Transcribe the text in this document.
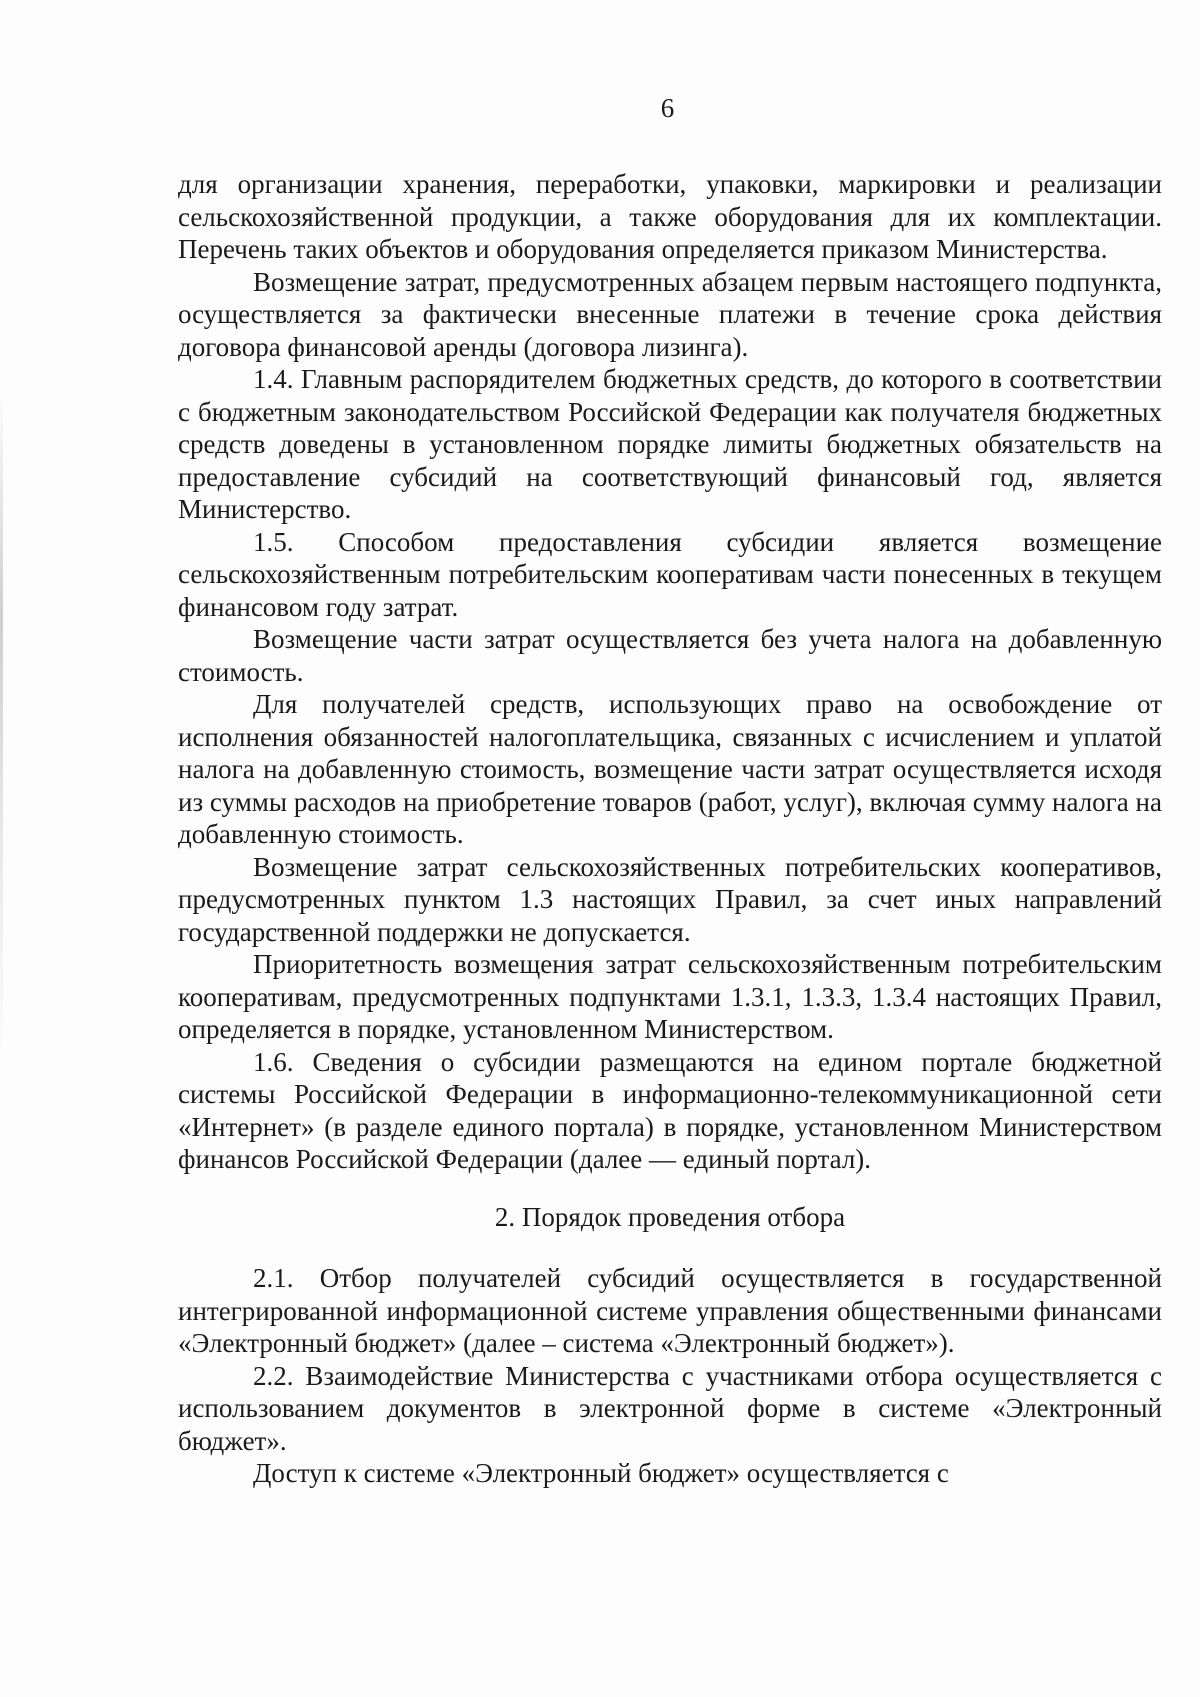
6

для организации хранения, переработки, упаковки, маркировки и реализации сельскохозяйственной продукции, а также оборудования для их комплектации. Перечень таких объектов и оборудования определяется приказом Министерства.

Возмещение затрат, предусмотренных абзацем первым настоящего подпункта, осуществляется за фактически внесенные платежи в течение срока действия договора финансовой аренды (договора лизинга).

1.4. Главным распорядителем бюджетных средств, до которого в соответствии с бюджетным законодательством Российской Федерации как получателя бюджетных средств доведены в установленном порядке лимиты бюджетных обязательств на предоставление субсидий на соответствующий финансовый год, является Министерство.

1.5. Способом предоставления субсидии является возмещение сельскохозяйственным потребительским кооперативам части понесенных в текущем финансовом году затрат.

Возмещение части затрат осуществляется без учета налога на добавленную стоимость.

Для получателей средств, использующих право на освобождение от исполнения обязанностей налогоплательщика, связанных с исчислением и уплатой налога на добавленную стоимость, возмещение части затрат осуществляется исходя из суммы расходов на приобретение товаров (работ, услуг), включая сумму налога на добавленную стоимость.

Возмещение затрат сельскохозяйственных потребительских кооперативов, предусмотренных пунктом 1.3 настоящих Правил, за счет иных направлений государственной поддержки не допускается.

Приоритетность возмещения затрат сельскохозяйственным потребительским кооперативам, предусмотренных подпунктами 1.3.1, 1.3.3, 1.3.4 настоящих Правил, определяется в порядке, установленном Министерством.

1.6. Сведения о субсидии размещаются на едином портале бюджетной системы Российской Федерации в информационно-телекоммуникационной сети «Интернет» (в разделе единого портала) в порядке, установленном Министерством финансов Российской Федерации (далее — единый портал).

2. Порядок проведения отбора

2.1. Отбор получателей субсидий осуществляется в государственной интегрированной информационной системе управления общественными финансами «Электронный бюджет» (далее – система «Электронный бюджет»).

2.2. Взаимодействие Министерства с участниками отбора осуществляется с использованием документов в электронной форме в системе «Электронный бюджет».

Доступ к системе «Электронный бюджет» осуществляется с
